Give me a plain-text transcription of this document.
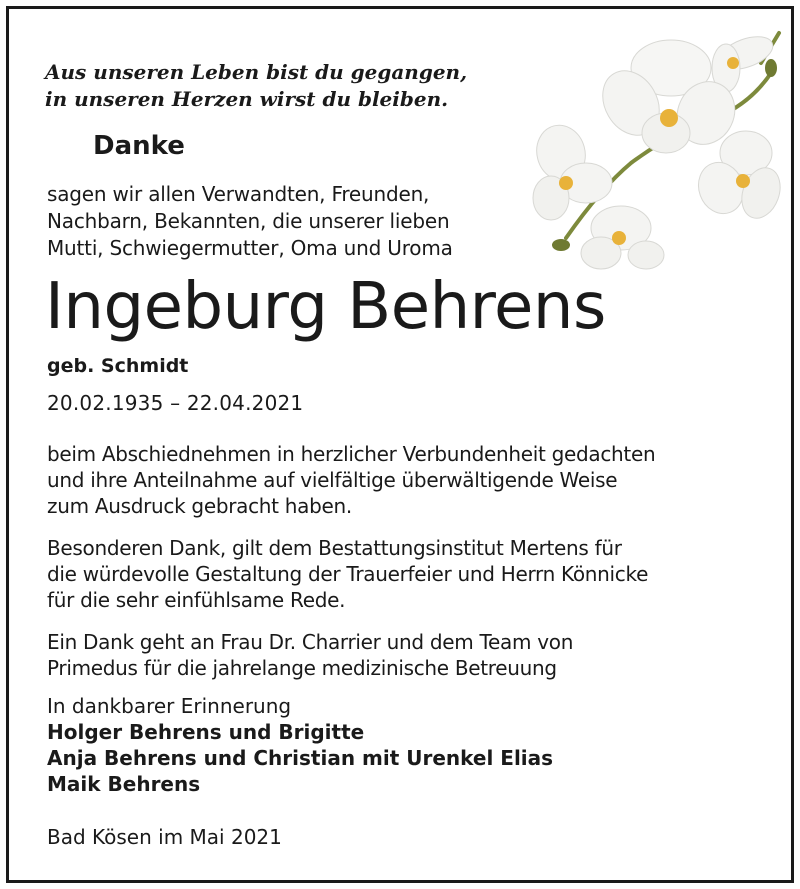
Aus unseren Leben bist du gegangen,
in unseren Herzen wirst du bleiben.
Danke
sagen wir allen Verwandten, Freunden,
Nachbarn, Bekannten, die unserer lieben
Mutti, Schwiegermutter, Oma und Uroma
Ingeburg Behrens
geb. Schmidt
20.02.1935 – 22.04.2021
beim Abschiednehmen in herzlicher Verbundenheit gedachten
und ihre Anteilnahme auf vielfältige überwältigende Weise
zum Ausdruck gebracht haben.
Besonderen Dank, gilt dem Bestattungsinstitut Mertens für
die würdevolle Gestaltung der Trauerfeier und Herrn Könnicke
für die sehr einfühlsame Rede.
Ein Dank geht an Frau Dr. Charrier und dem Team von
Primedus für die jahrelange medizinische Betreuung
In dankbarer Erinnerung
Holger Behrens und Brigitte
Anja Behrens und Christian mit Urenkel Elias
Maik Behrens
Bad Kösen im Mai 2021
